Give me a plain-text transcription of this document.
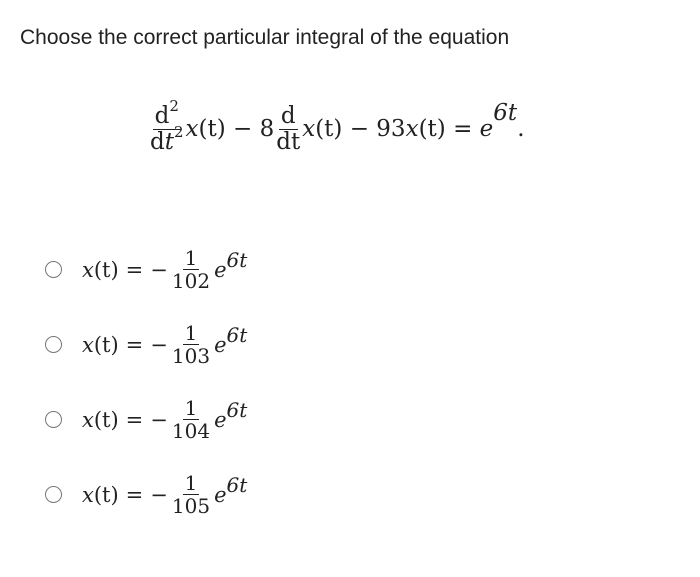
Choose the correct particular integral of the equation
$\frac{d^2}{dt^2} x(t) - 8 \frac{d}{dt} x(t) - 93x(t) = e6t$.
x (t) = − $\frac{1}{102}$ e 6t
x (t) = − $\frac{1}{103}$ e 6t
x (t) = − $\frac{1}{104}$ e 6t
x (t) = − $\frac{1}{105}$ e 6t
